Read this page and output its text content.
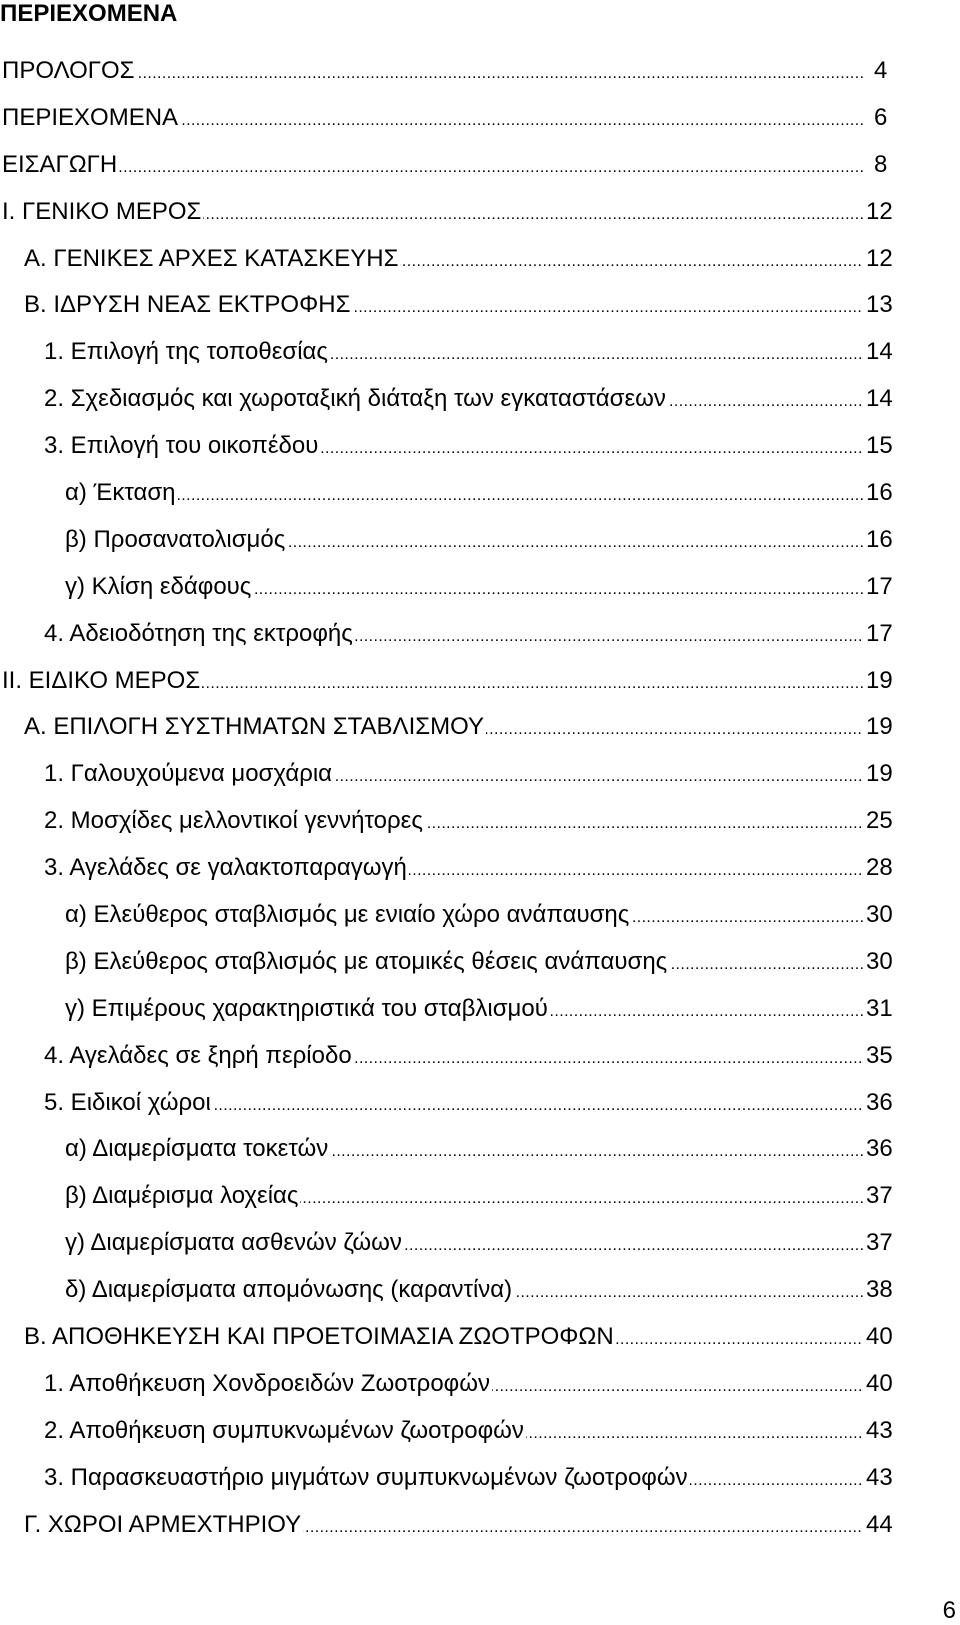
ΠΕΡΙΕΧΟΜΕΝΑ
.....
ΠΡΟΛΟΓΟΣ	4
.....
ΠΕΡΙΕΧΟΜΕΝΑ	6
.....
ΕΙΣΑΓΩΓΗ	8
.....
Ι. ΓΕΝΙΚΟ ΜΕΡΟΣ	12
.....
Α. ΓΕΝΙΚΕΣ ΑΡΧΕΣ ΚΑΤΑΣΚΕΥΗΣ	12
.....
Β. ΙΔΡΥΣΗ ΝΕΑΣ ΕΚΤΡΟΦΗΣ	13
.....
1. Επιλογή της τοποθεσίας	14
.....
2. Σχεδιασμός και χωροταξική διάταξη των εγκαταστάσεων	14
.....
3. Επιλογή του οικοπέδου	15
.....
α) Έκταση	16
.....
β) Προσανατολισμός	16
.....
γ) Κλίση εδάφους	17
.....
4. Αδειοδότηση της εκτροφής	17
.....
ΙΙ. ΕΙΔΙΚΟ ΜΕΡΟΣ	19
.....
Α. ΕΠΙΛΟΓΗ ΣΥΣΤΗΜΑΤΩΝ ΣΤΑΒΛΙΣΜΟΥ	19
.....
1. Γαλουχούμενα μοσχάρια	19
.....
2. Μοσχίδες μελλοντικοί γεννήτορες	25
.....
3. Αγελάδες σε γαλακτοπαραγωγή	28
.....
α) Ελεύθερος σταβλισμός με ενιαίο χώρο ανάπαυσης	30
.....
β) Ελεύθερος σταβλισμός με ατομικές θέσεις ανάπαυσης	30
.....
γ) Επιμέρους χαρακτηριστικά του σταβλισμού	31
.....
4. Αγελάδες σε ξηρή περίοδο	35
.....
5. Ειδικοί χώροι	36
.....
α) Διαμερίσματα τοκετών	36
.....
β) Διαμέρισμα λοχείας	37
.....
γ) Διαμερίσματα ασθενών ζώων	37
.....
δ) Διαμερίσματα απομόνωσης (καραντίνα)	38
.....
Β. ΑΠΟΘΗΚΕΥΣΗ ΚΑΙ ΠΡΟΕΤΟΙΜΑΣΙΑ ΖΩΟΤΡΟΦΩΝ	40
.....
1. Αποθήκευση Χονδροειδών Ζωοτροφών	40
.....
2. Αποθήκευση συμπυκνωμένων ζωοτροφών	43
.....
3. Παρασκευαστήριο μιγμάτων συμπυκνωμένων ζωοτροφών	43
.....
Γ. ΧΩΡΟΙ ΑΡΜΕΧΤΗΡΙΟΥ	44
6
